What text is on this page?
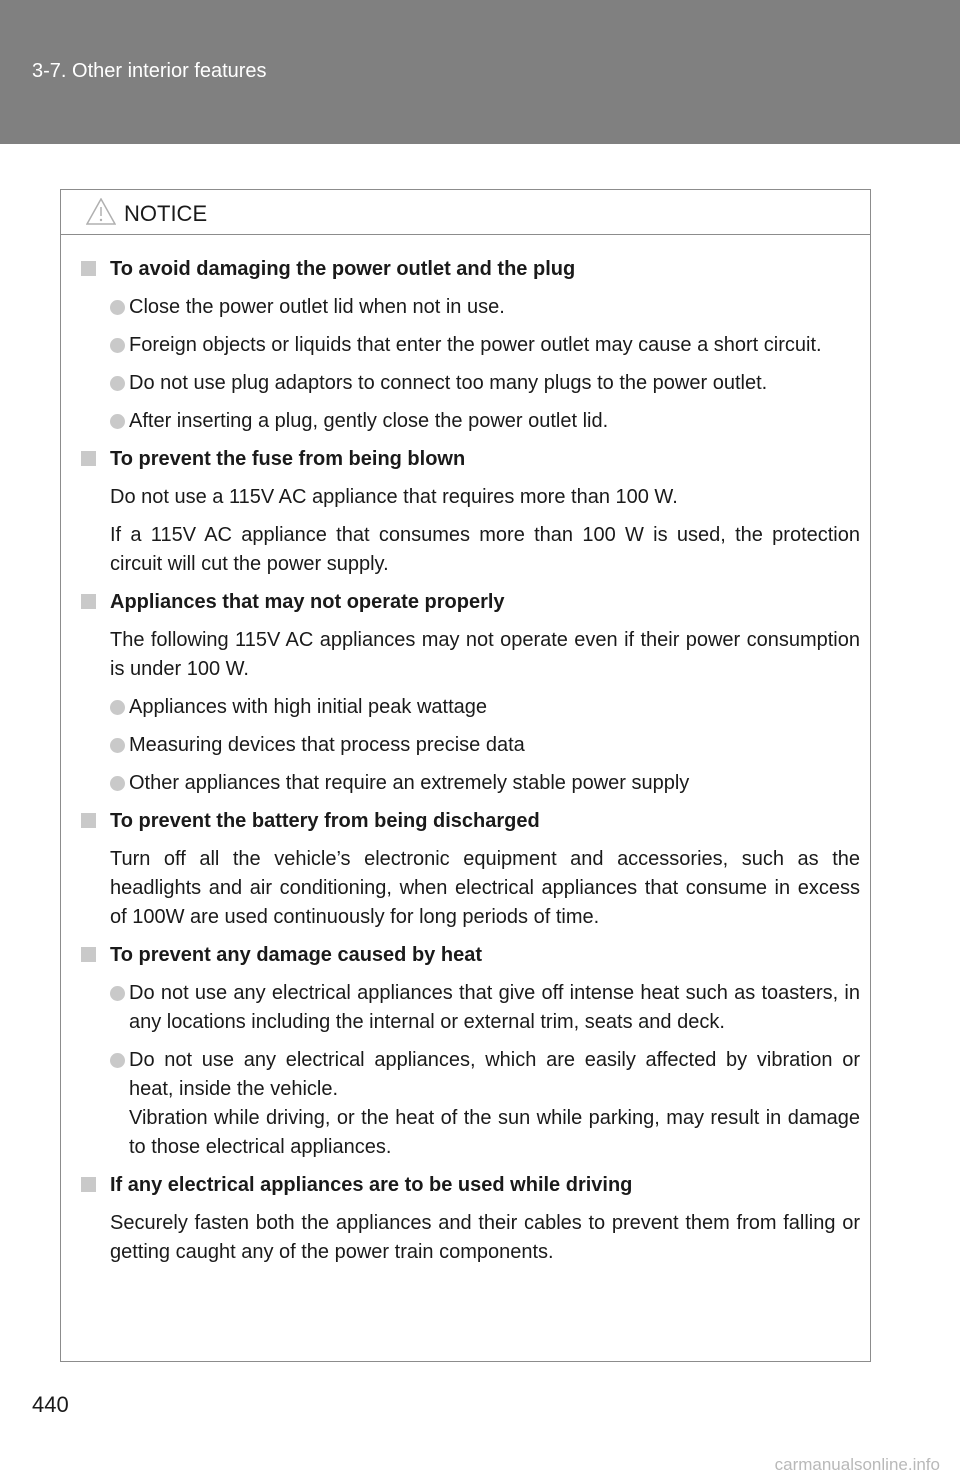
3-7. Other interior features
NOTICE
To avoid damaging the power outlet and the plug
Close the power outlet lid when not in use.
Foreign objects or liquids that enter the power outlet may cause a short circuit.
Do not use plug adaptors to connect too many plugs to the power outlet.
After inserting a plug, gently close the power outlet lid.
To prevent the fuse from being blown
Do not use a 115V AC appliance that requires more than 100 W.
If a 115V AC appliance that consumes more than 100 W is used, the protection circuit will cut the power supply.
Appliances that may not operate properly
The following 115V AC appliances may not operate even if their power consumption is under 100 W.
Appliances with high initial peak wattage
Measuring devices that process precise data
Other appliances that require an extremely stable power supply
To prevent the battery from being discharged
Turn off all the vehicle’s electronic equipment and accessories, such as the headlights and air conditioning, when electrical appliances that consume in excess of 100W are used continuously for long periods of time.
To prevent any damage caused by heat
Do not use any electrical appliances that give off intense heat such as toasters, in any locations including the internal or external trim, seats and deck.
Do not use any electrical appliances, which are easily affected by vibration or heat, inside the vehicle.
Vibration while driving, or the heat of the sun while parking, may result in damage to those electrical appliances.
If any electrical appliances are to be used while driving
Securely fasten both the appliances and their cables to prevent them from falling or getting caught any of the power train components.
440
carmanualsonline.info
